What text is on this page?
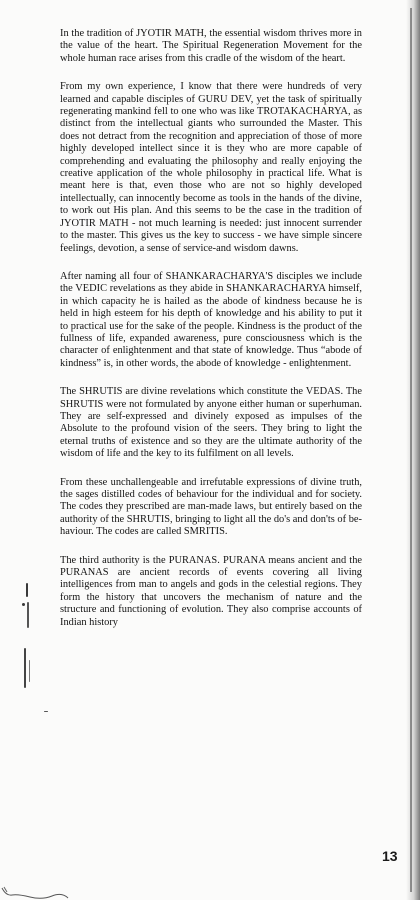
In the tradition of JYOTIR MATH, the essential wisdom thrives more in the value of the heart. The Spiritual Regeneration Movement for the whole human race arises from this cradle of the wisdom of the heart.

From my own experience, I know that there were hundreds of very learned and capable disciples of GURU DEV, yet the task of spiritually regenerating mankind fell to one who was like TROTAKACHARYA, as distinct from the intellectual giants who surrounded the Master. This does not detract from the recognition and appreciation of those of more highly developed intellect since it is they who are more capable of comprehending and evaluating the philosophy and really enjoying the creative application of the whole philosophy in practical life. What is meant here is that, even those who are not so highly developed intellectually, can innocently become as tools in the hands of the divine, to work out His plan. And this seems to be the case in the tradition of JYOTIR MATH - not much learning is needed: just innocent surrender to the master. This gives us the key to success - we have simple sincere feelings, devotion, a sense of service-and wisdom dawns.

After naming all four of SHANKARACHARYA'S disciples we include the VEDIC revelations as they abide in SHANKARACHARYA himself, in which capacity he is hailed as the abode of kindness because he is held in high esteem for his depth of knowledge and his ability to put it to practical use for the sake of the people. Kindness is the product of the fullness of life, expanded awareness, pure consciousness which is the character of enlightenment and that state of knowledge. Thus “abode of kindness” is, in other words, the abode of knowledge - enlightenment.

The SHRUTIS are divine revelations which constitute the VEDAS. The SHRUTIS were not formulated by anyone either human or superhuman. They are self-expressed and divinely exposed as impulses of the Absolute to the profound vision of the seers. They bring to light the eternal truths of existence and so they are the ultimate authority of the wisdom of life and the key to its fulfilment on all levels.

From these unchallengeable and irrefutable expressions of divine truth, the sages distilled codes of behaviour for the individual and for society. The codes they prescribed are man-made laws, but entirely based on the authority of the SHRUTIS, bringing to light all the do's and don'ts of behaviour. The codes are called SMRITIS.

The third authority is the PURANAS. PURANA means ancient and the PURANAS are ancient records of events covering all living intelligences from man to angels and gods in the celestial regions. They form the history that uncovers the mechanism of nature and the structure and functioning of evolution. They also comprise accounts of Indian history

13
